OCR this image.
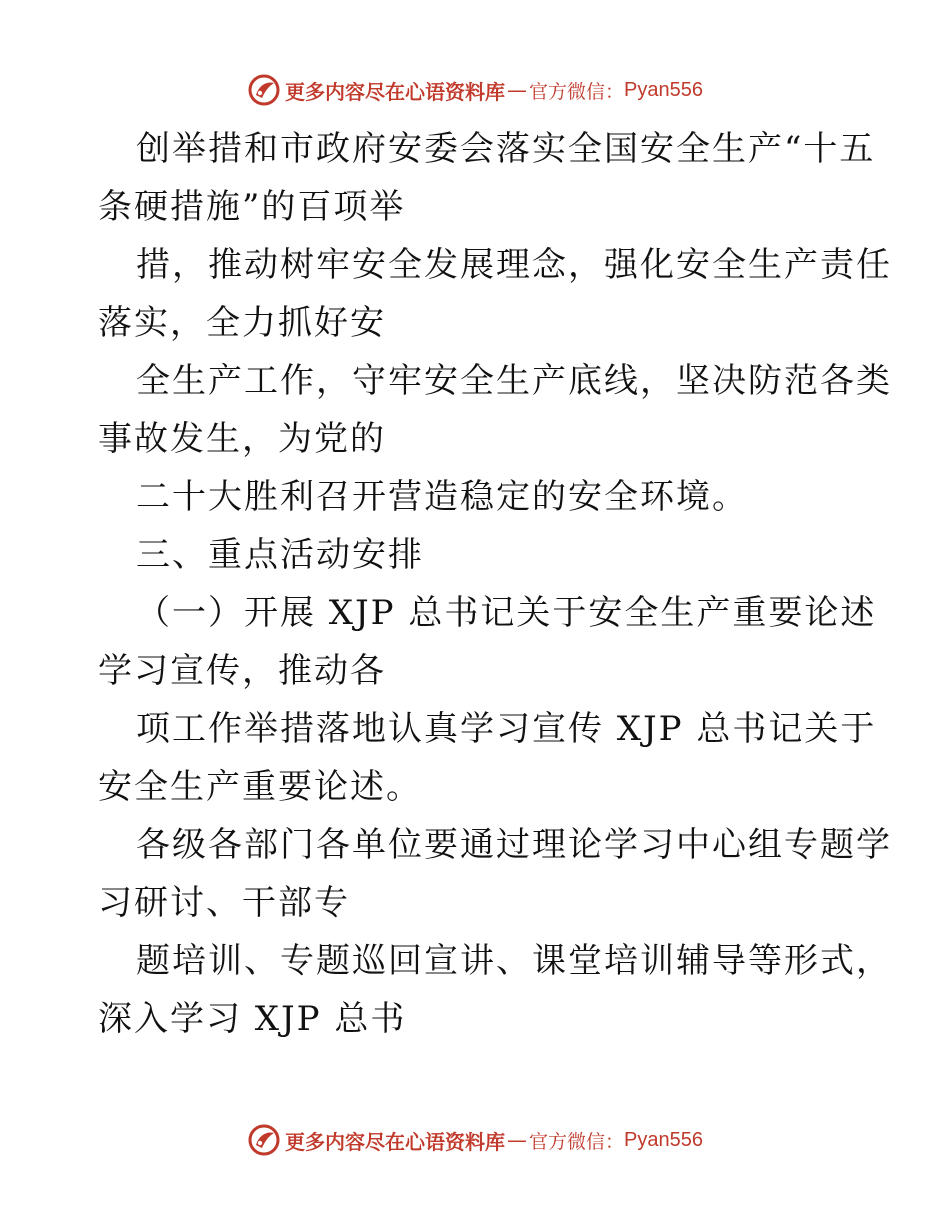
更多内容尽在心语资料库 — 官方微信： Pyan556
创举措和市政府安委会落实全国安全生产“十五
条硬措施”的百项举
措，推动树牢安全发展理念，强化安全生产责任
落实，全力抓好安
全生产工作，守牢安全生产底线，坚决防范各类
事故发生，为党的
二十大胜利召开营造稳定的安全环境。
三、重点活动安排
（一）开展 XJP 总书记关于安全生产重要论述
学习宣传，推动各
项工作举措落地认真学习宣传 XJP 总书记关于
安全生产重要论述。
各级各部门各单位要通过理论学习中心组专题学
习研讨、干部专
题培训、专题巡回宣讲、课堂培训辅导等形式，
深入学习 XJP 总书
更多内容尽在心语资料库 — 官方微信： Pyan556
